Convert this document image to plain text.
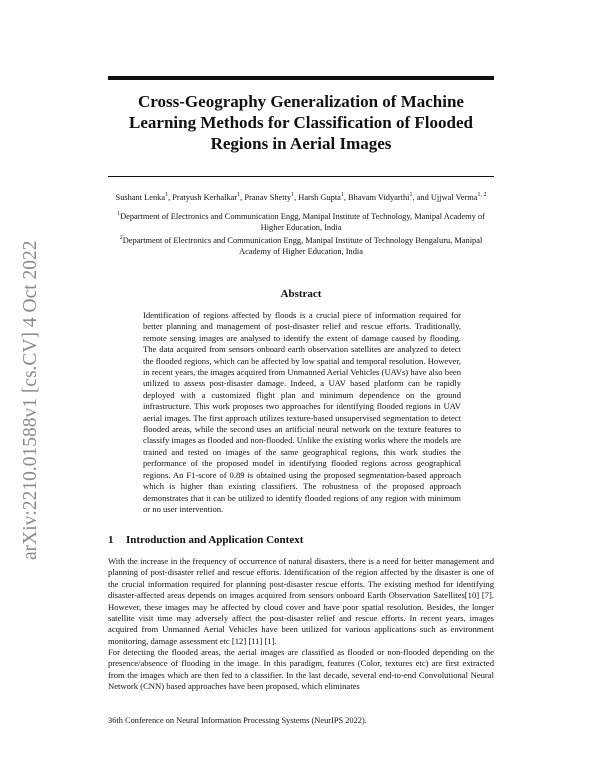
arXiv:2210.01588v1 [cs.CV] 4 Oct 2022
Cross-Geography Generalization of Machine Learning Methods for Classification of Flooded Regions in Aerial Images
Sushant Lenka$^1$, Pratyush Kerhalkar$^1$, Pranav Shetty$^1$, Harsh Gupta$^1$, Bhavam Vidyarthi$^1$, and Ujjwal Verma$^{1, 2}$
$^1$Department of Electronics and Communication Engg, Manipal Institute of Technology, Manipal Academy of Higher Education, India
$^2$Department of Electronics and Communication Engg, Manipal Institute of Technology Bengaluru, Manipal Academy of Higher Education, India
Abstract

Identification of regions affected by floods is a crucial piece of information required for better planning and management of post-disaster relief and rescue efforts. Traditionally, remote sensing images are analysed to identify the extent of damage caused by flooding. The data acquired from sensors onboard earth observation satellites are analyzed to detect the flooded regions, which can be affected by low spatial and temporal resolution. However, in recent years, the images acquired from Unmanned Aerial Vehicles (UAVs) have also been utilized to assess post-disaster damage. Indeed, a UAV based platform can be rapidly deployed with a customized flight plan and minimum dependence on the ground infrastructure. This work proposes two approaches for identifying flooded regions in UAV aerial images. The first approach utilizes texture-based unsupervised segmentation to detect flooded areas, while the second uses an artificial neural network on the texture features to classify images as flooded and non-flooded. Unlike the existing works where the models are trained and tested on images of the same geographical regions, this work studies the performance of the proposed model in identifying flooded regions across geographical regions. An F1-score of 0.89 is obtained using the proposed segmentation-based approach which is higher than existing classifiers. The robustness of the proposed approach demonstrates that it can be utilized to identify flooded regions of any region with minimum or no user intervention.

1 Introduction and Application Context

With the increase in the frequency of occurrence of natural disasters, there is a need for better management and planning of post-disaster relief and rescue efforts. Identification of the region affected by the disaster is one of the crucial information required for planning post-disaster rescue efforts. The existing method for identifying disaster-affected areas depends on images acquired from sensors onboard Earth Observation Satellites[10] [7]. However, these images may be affected by cloud cover and have poor spatial resolution. Besides, the longer satellite visit time may adversely affect the post-disaster relief and rescue efforts. In recent years, images acquired from Unmanned Aerial Vehicles have been utilized for various applications such as environment monitoring, damage assessment etc [12] [11] [1].

For detecting the flooded areas, the aerial images are classified as flooded or non-flooded depending on the presence/absence of flooding in the image. In this paradigm, features (Color, textures etc) are first extracted from the images which are then fed to a classifier. In the last decade, several end-to-end Convolutional Neural Network (CNN) based approaches have been proposed, which eliminates

36th Conference on Neural Information Processing Systems (NeurIPS 2022).
